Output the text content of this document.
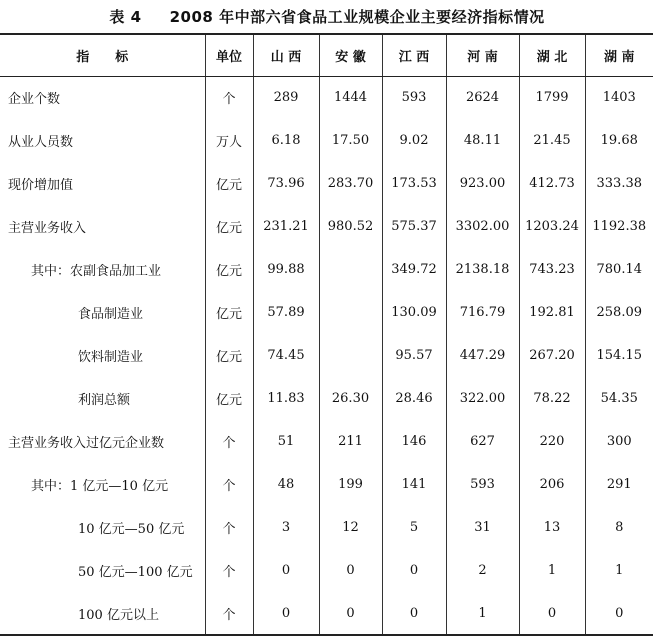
表 4 2008 年中部六省食品工业规模企业主要经济指标情况
指　　标	单位	山 西	安 徽	江 西	河 南	湖 北	湖 南
企业个数	个	289	1444	593	2624	1799	1403
从业人员数	万人	6.18	17.50	9.02	48.11	21.45	19.68
现价增加值	亿元	73.96	283.70	173.53	923.00	412.73	333.38
主营业务收入	亿元	231.21	980.52	575.37	3302.00	1203.24	1192.38
其中：农副食品加工业	亿元	99.88		349.72	2138.18	743.23	780.14
食品制造业	亿元	57.89		130.09	716.79	192.81	258.09
饮料制造业	亿元	74.45		95.57	447.29	267.20	154.15
利润总额	亿元	11.83	26.30	28.46	322.00	78.22	54.35
主营业务收入过亿元企业数	个	51	211	146	627	220	300
其中：1 亿元—10 亿元	个	48	199	141	593	206	291
10 亿元—50 亿元	个	3	12	5	31	13	8
50 亿元—100 亿元	个	0	0	0	2	1	1
100 亿元以上	个	0	0	0	1	0	0
